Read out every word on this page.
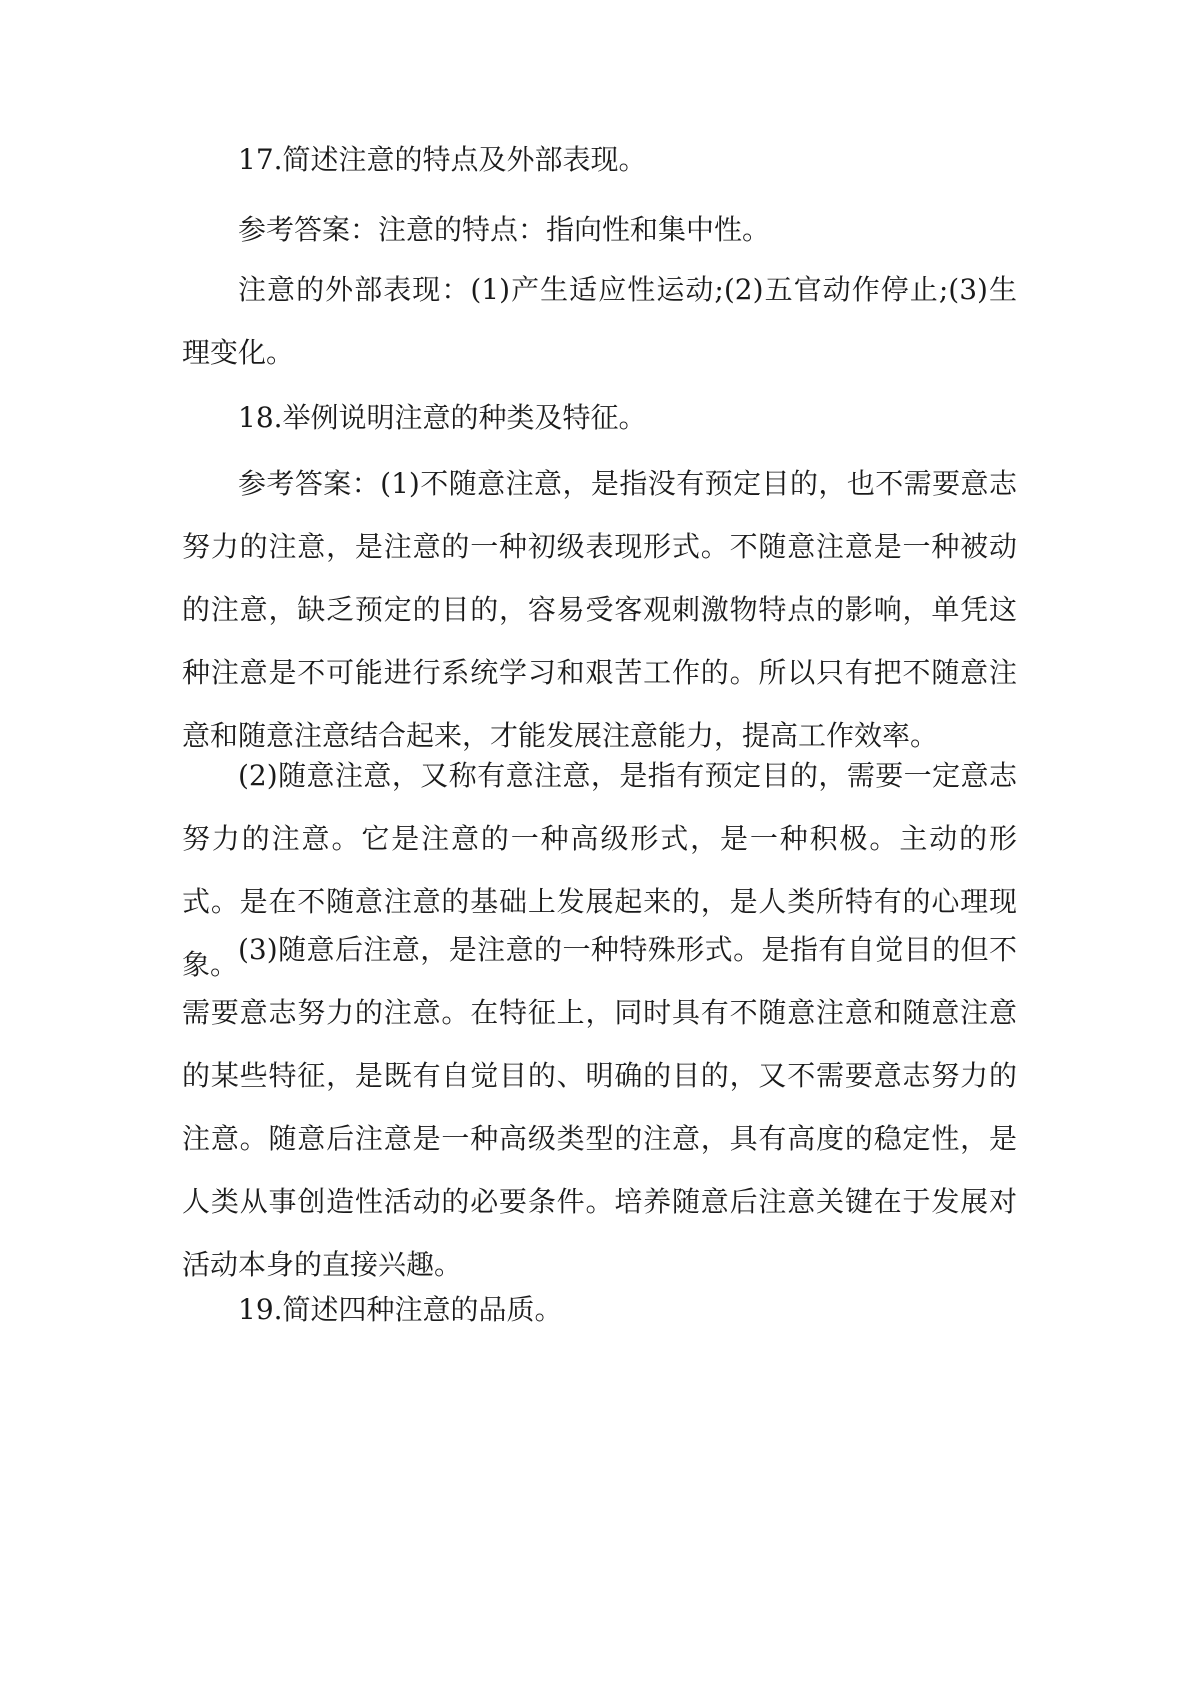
17.简述注意的特点及外部表现。

参考答案：注意的特点：指向性和集中性。

注意的外部表现：(1)产生适应性运动;(2)五官动作停止;(3)生理变化。

18.举例说明注意的种类及特征。

参考答案：(1)不随意注意，是指没有预定目的，也不需要意志努力的注意，是注意的一种初级表现形式。不随意注意是一种被动的注意，缺乏预定的目的，容易受客观刺激物特点的影响，单凭这种注意是不可能进行系统学习和艰苦工作的。所以只有把不随意注意和随意注意结合起来，才能发展注意能力，提高工作效率。

(2)随意注意，又称有意注意，是指有预定目的，需要一定意志努力的注意。它是注意的一种高级形式，是一种积极。主动的形式。是在不随意注意的基础上发展起来的，是人类所特有的心理现象。 (3)随意后注意，是注意的一种特殊形式。是指有自觉目的但不需要意志努力的注意。在特征上，同时具有不随意注意和随意注意的某些特征，是既有自觉目的、明确的目的，又不需要意志努力的注意。随意后注意是一种高级类型的注意，具有高度的稳定性，是人类从事创造性活动的必要条件。培养随意后注意关键在于发展对活动本身的直接兴趣。

19.简述四种注意的品质。
